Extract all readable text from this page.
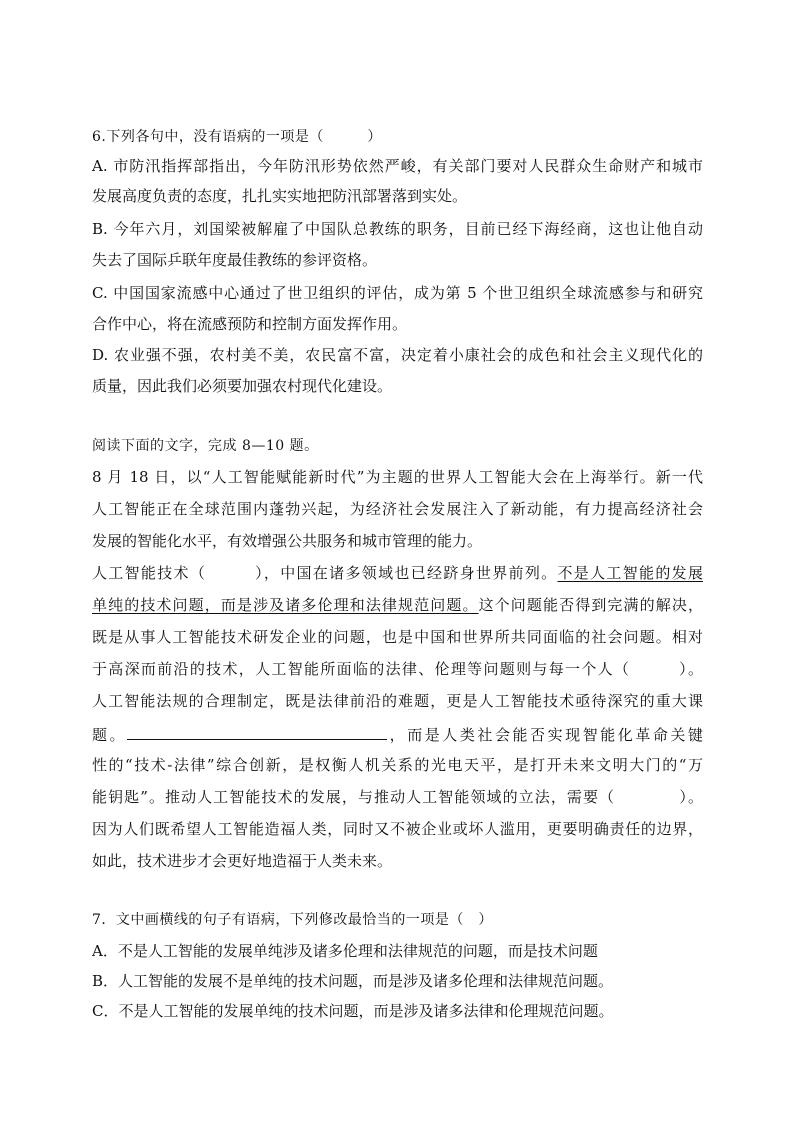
6.下列各句中，没有语病的一项是（　　　）
A. 市防汛指挥部指出，今年防汛形势依然严峻，有关部门要对人民群众生命财产和城市
发展高度负责的态度，扎扎实实地把防汛部署落到实处。
B. 今年六月，刘国梁被解雇了中国队总教练的职务，目前已经下海经商，这也让他自动
失去了国际乒联年度最佳教练的参评资格。
C. 中国国家流感中心通过了世卫组织的评估，成为第 5 个世卫组织全球流感参与和研究
合作中心，将在流感预防和控制方面发挥作用。
D. 农业强不强，农村美不美，农民富不富，决定着小康社会的成色和社会主义现代化的
质量，因此我们必须要加强农村现代化建设。
阅读下面的文字，完成 8—10 题。
8 月 18 日，以“人工智能赋能新时代”为主题的世界人工智能大会在上海举行。新一代
人工智能正在全球范围内蓬勃兴起，为经济社会发展注入了新动能，有力提高经济社会
发展的智能化水平，有效增强公共服务和城市管理的能力。
人工智能技术（　　　），中国在诸多领域也已经跻身世界前列。不是人工智能的发展
单纯的技术问题，而是涉及诸多伦理和法律规范问题。这个问题能否得到完满的解决，
既是从事人工智能技术研发企业的问题，也是中国和世界所共同面临的社会问题。相对
于高深而前沿的技术，人工智能所面临的法律、伦理等问题则与每一个人（　　　）。
人工智能法规的合理制定，既是法律前沿的难题，更是人工智能技术亟待深究的重大课
题。	，而是人类社会能否实现智能化革命关键
性的“技术-法律”综合创新，是权衡人机关系的光电天平，是打开未来文明大门的“万
能钥匙”。推动人工智能技术的发展，与推动人工智能领域的立法，需要（　　　　）。
因为人们既希望人工智能造福人类，同时又不被企业或坏人滥用，更要明确责任的边界，
如此，技术进步才会更好地造福于人类未来。
7．文中画横线的句子有语病，下列修改最恰当的一项是（　）
A．不是人工智能的发展单纯涉及诸多伦理和法律规范的问题，而是技术问题
B．人工智能的发展不是单纯的技术问题，而是涉及诸多伦理和法律规范问题。
C．不是人工智能的发展单纯的技术问题，而是涉及诸多法律和伦理规范问题。
